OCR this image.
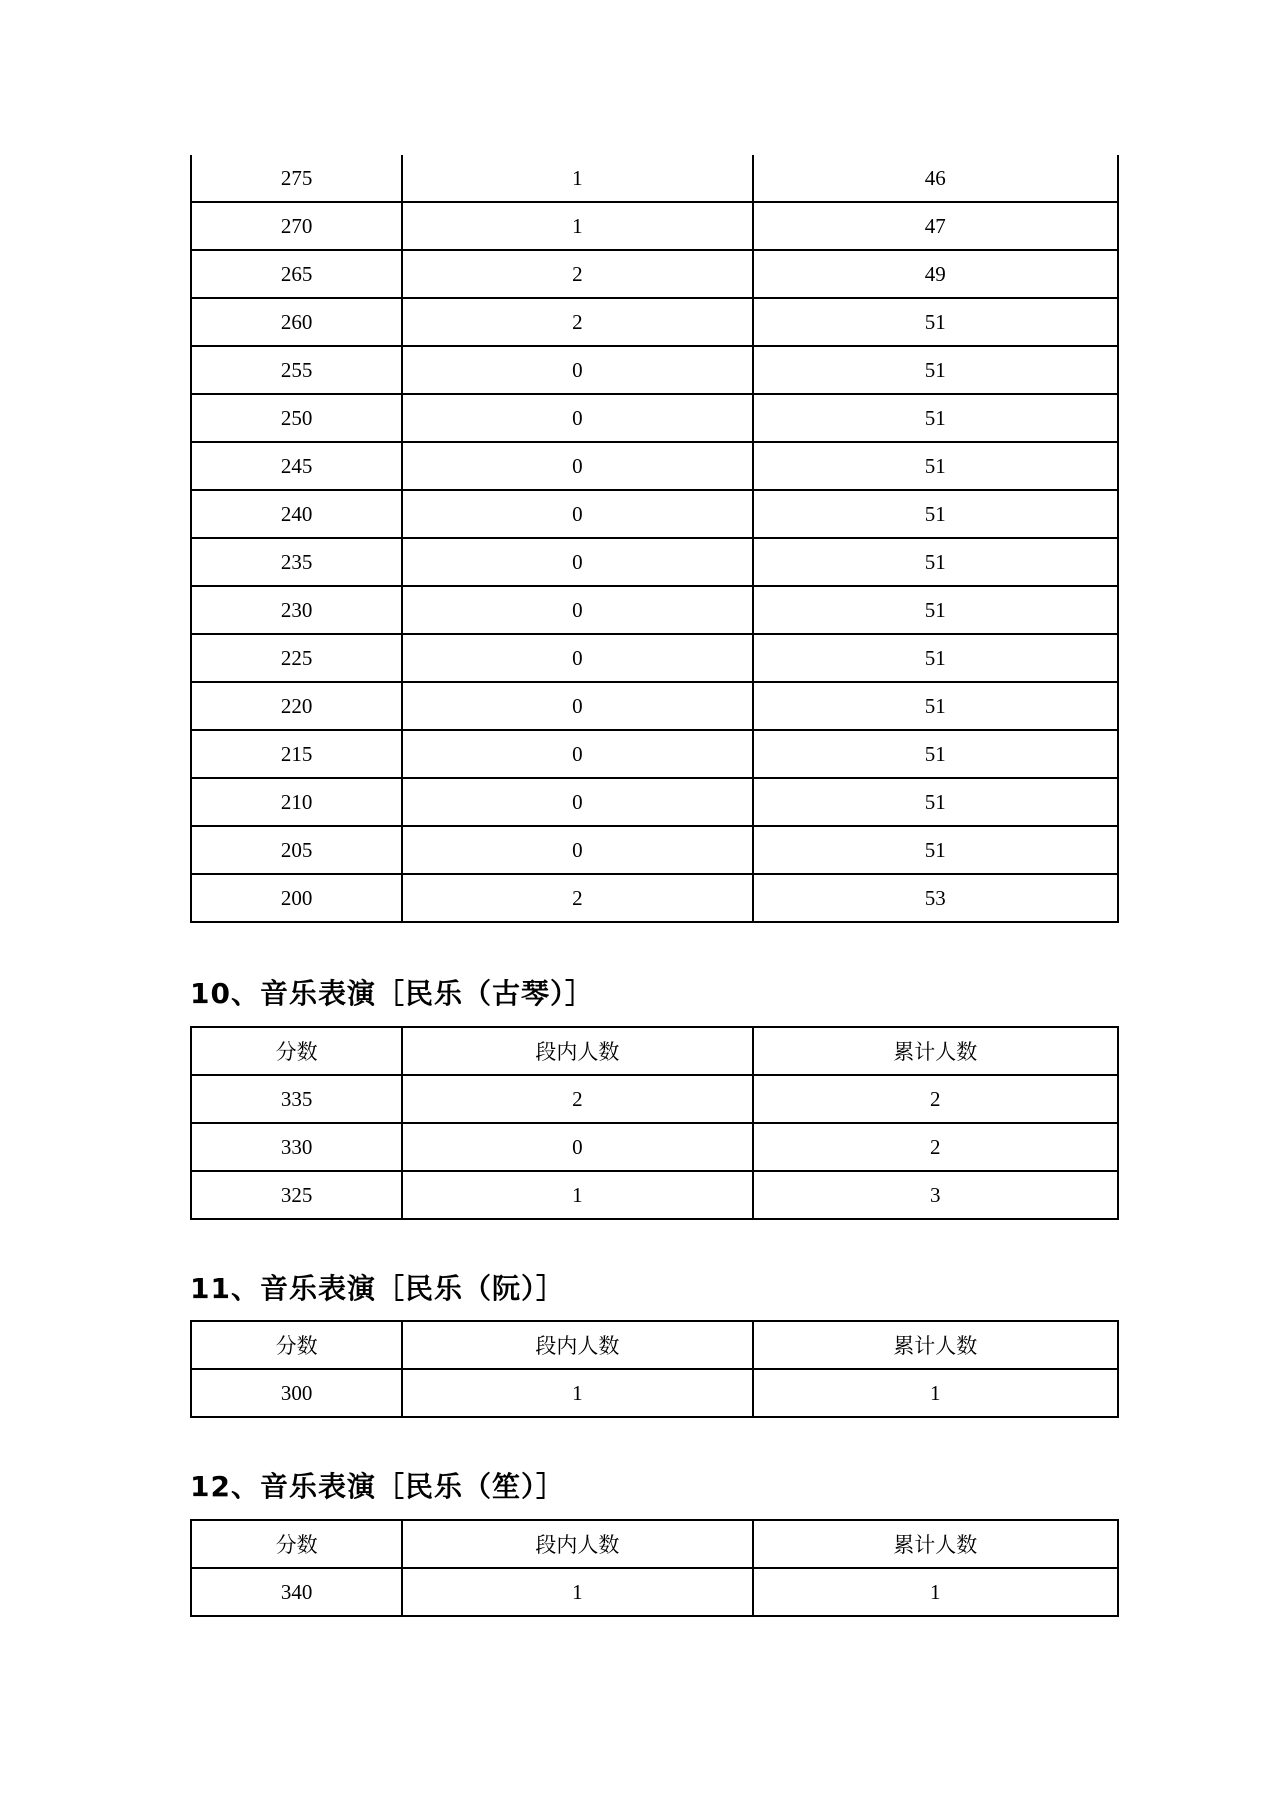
275	1	46
270	1	47
265	2	49
260	2	51
255	0	51
250	0	51
245	0	51
240	0	51
235	0	51
230	0	51
225	0	51
220	0	51
215	0	51
210	0	51
205	0	51
200	2	53
10、音乐表演［民乐（古琴）］
分数	段内人数	累计人数
335	2	2
330	0	2
325	1	3
11、音乐表演［民乐（阮）］
分数	段内人数	累计人数
300	1	1
12、音乐表演［民乐（笙）］
分数	段内人数	累计人数
340	1	1
